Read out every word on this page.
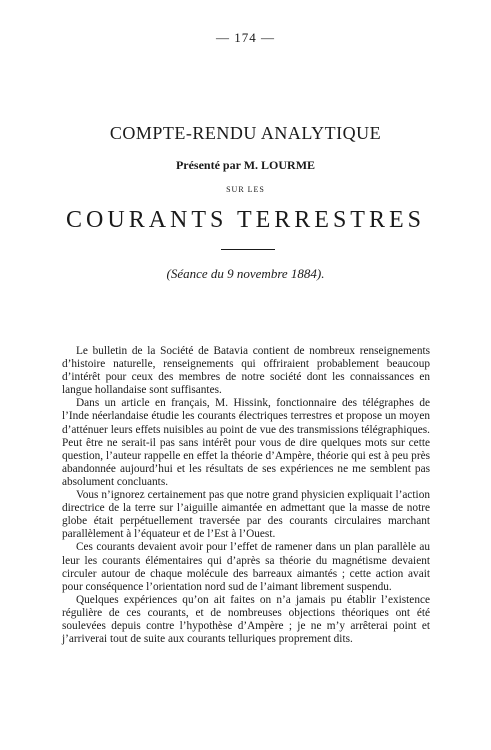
— 174 —
COMPTE-RENDU ANALYTIQUE
Présenté par M. LOURME
SUR LES
COURANTS TERRESTRES
(Séance du 9 novembre 1884).

Le bulletin de la Société de Batavia contient de nombreux renseignements d’histoire naturelle, renseignements qui offriraient probablement beaucoup d’intérêt pour ceux des membres de notre société dont les connaissances en langue hollandaise sont suffisantes.

Dans un article en français, M. Hissink, fonctionnaire des télégraphes de l’Inde néerlandaise étudie les courants électriques terrestres et propose un moyen d’atténuer leurs effets nuisibles au point de vue des transmissions télégraphiques. Peut être ne serait-il pas sans intérêt pour vous de dire quelques mots sur cette question, l’auteur rappelle en effet la théorie d’Ampère, théorie qui est à peu près abandonnée aujourd’hui et les résultats de ses expériences ne me semblent pas absolument concluants.

Vous n’ignorez certainement pas que notre grand physicien expliquait l’action directrice de la terre sur l’aiguille aimantée en admettant que la masse de notre globe était perpétuellement traversée par des courants circulaires marchant parallèlement à l’équateur et de l’Est à l’Ouest.

Ces courants devaient avoir pour l’effet de ramener dans un plan parallèle au leur les courants élémentaires qui d’après sa théorie du magnétisme devaient circuler autour de chaque molécule des barreaux aimantés ; cette action avait pour conséquence l’orientation nord sud de l’aimant librement suspendu.

Quelques expériences qu’on ait faites on n’a jamais pu établir l’existence régulière de ces courants, et de nombreuses objections théoriques ont été soulevées depuis contre l’hypothèse d’Ampère ; je ne m’y arrêterai point et j’arriverai tout de suite aux courants telluriques proprement dits.
